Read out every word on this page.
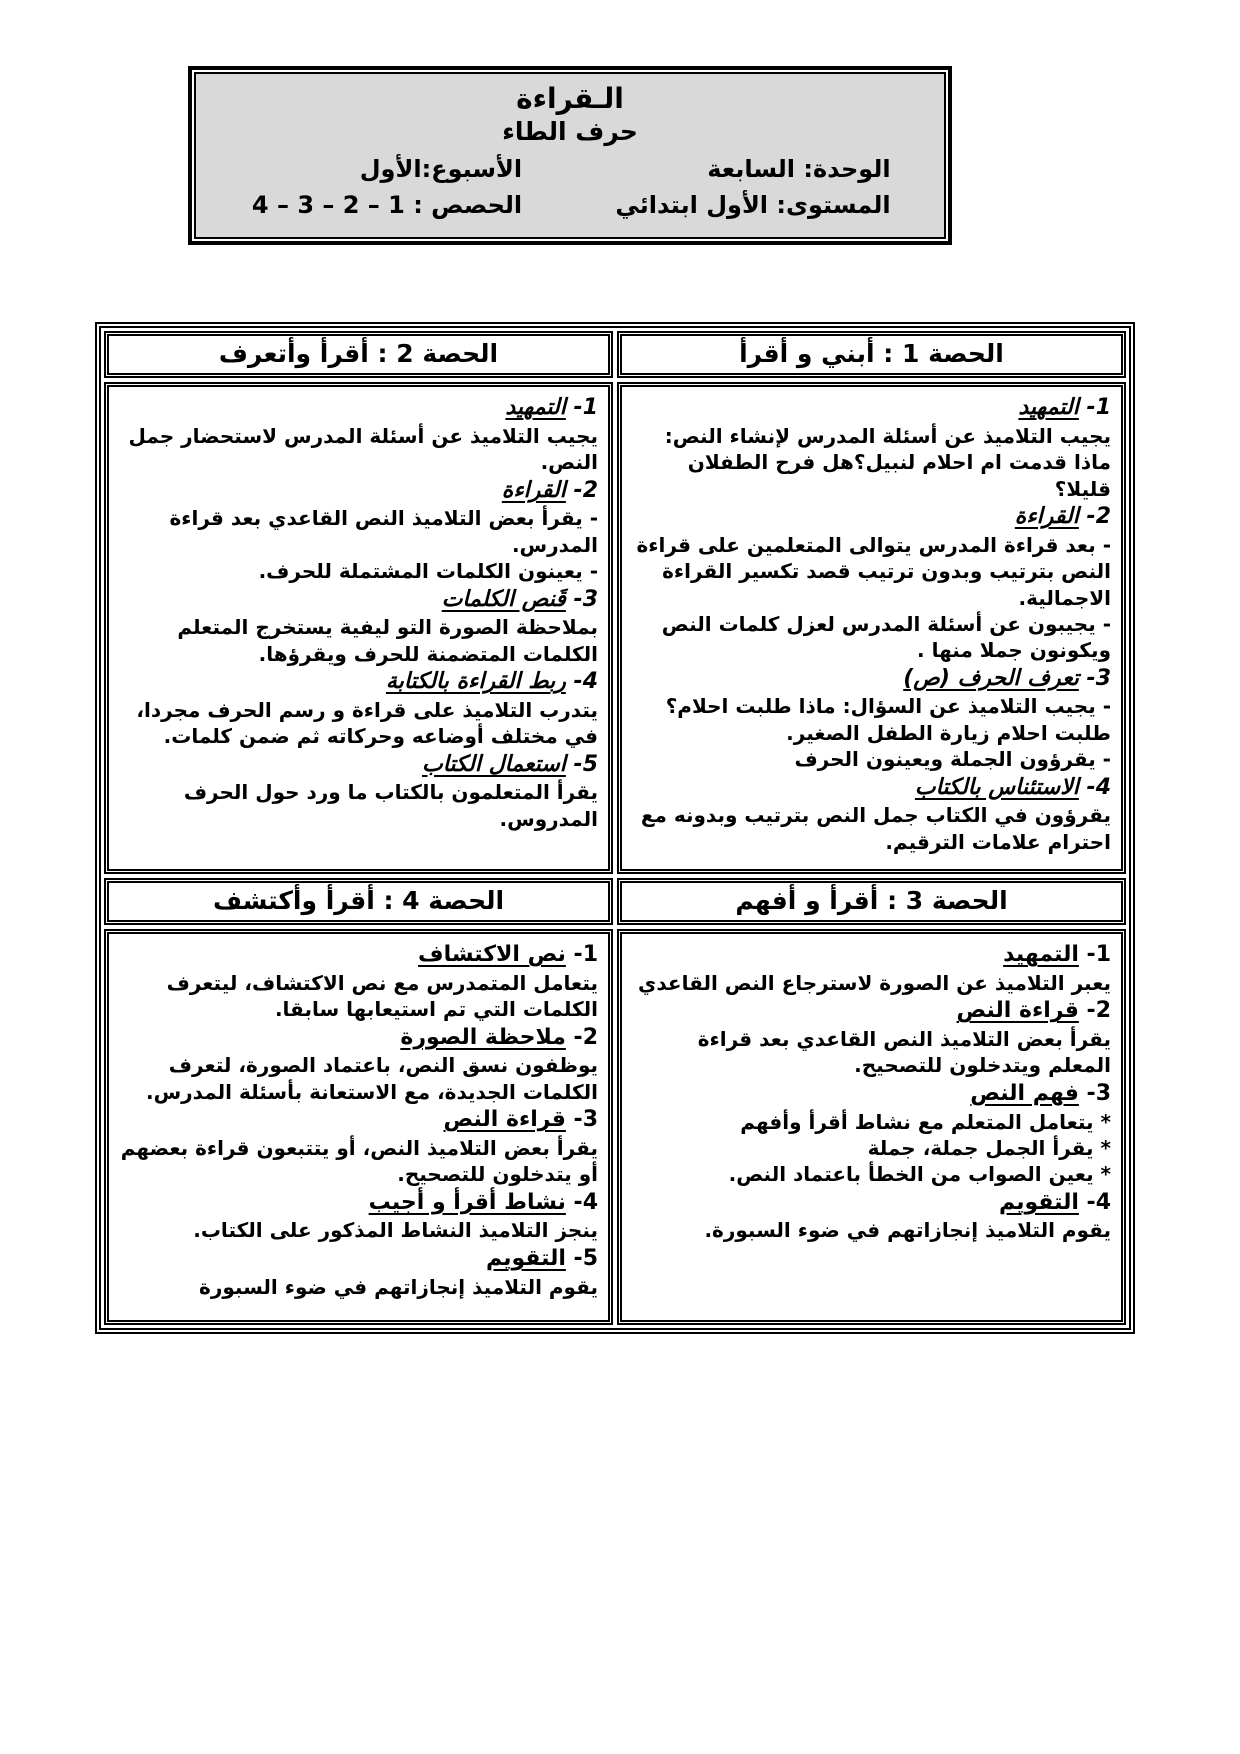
الـقراءة
حرف الطاء
الوحدة: السابعة
المستوى: الأول ابتدائي
الأسبوع:الأول
الحصص : 1 – 2 – 3 – 4
الحصة 1 : أبني و أقرأ
الحصة 2 : أقرأ وأتعرف
1- التمهيد

يجيب التلاميذ عن أسئلة المدرس لإنشاء النص: ماذا قدمت ام احلام لنبيل؟هل فرح الطفلان قليلا؟

2- القراءة

- بعد قراءة المدرس يتوالى المتعلمين على قراءة النص بترتيب وبدون ترتيب قصد تكسير القراءة الاجمالية.

- يجيبون عن أسئلة المدرس لعزل كلمات النص ويكونون جملا منها .

3- تعرف الحرف (ص)

- يجيب التلاميذ عن السؤال: ماذا طلبت احلام؟ طلبت احلام زيارة الطفل الصغير.

- يقرؤون الجملة ويعينون الحرف

4- الاستئناس بالكتاب

يقرؤون في الكتاب جمل النص بترتيب وبدونه مع احترام علامات الترقيم.

1- التمهيد

يجيب التلاميذ عن أسئلة المدرس لاستحضار جمل النص.

2- القراءة

- يقرأ بعض التلاميذ النص القاعدي بعد قراءة المدرس.

- يعينون الكلمات المشتملة للحرف.

3- قَنص الكلمات

بملاحظة الصورة التو ليفية يستخرج المتعلم الكلمات المتضمنة للحرف ويقرؤها.

4- ربط القراءة بالكتابة

يتدرب التلاميذ على قراءة و رسم الحرف مجردا، في مختلف أوضاعه وحركاته ثم ضمن كلمات.

5- استعمال الكتاب

يقرأ المتعلمون بالكتاب ما ورد حول الحرف المدروس.

الحصة 3 : أقرأ و أفهم
الحصة 4 : أقرأ وأكتشف
1- التمهيد

يعبر التلاميذ عن الصورة لاسترجاع النص القاعدي

2- قراءة النص

يقرأ بعض التلاميذ النص القاعدي بعد قراءة المعلم ويتدخلون للتصحيح.

3- فهم النص

* يتعامل المتعلم مع نشاط أقرأ وأفهم

* يقرأ الجمل جملة، جملة

* يعين الصواب من الخطأ باعتماد النص.

4- التقويم

يقوم التلاميذ إنجازاتهم في ضوء السبورة.

1- نص الاكتشاف

يتعامل المتمدرس مع نص الاكتشاف، ليتعرف الكلمات التي تم استيعابها سابقا.

2- ملاحظة الصورة

يوظفون نسق النص، باعتماد الصورة، لتعرف الكلمات الجديدة، مع الاستعانة بأسئلة المدرس.

3- قراءة النص

يقرأ بعض التلاميذ النص، أو يتتبعون قراءة بعضهم أو يتدخلون للتصحيح.

4- نشاط أقرأ و أجيب

ينجز التلاميذ النشاط المذكور على الكتاب.

5- التقويم

يقوم التلاميذ إنجازاتهم في ضوء السبورة
